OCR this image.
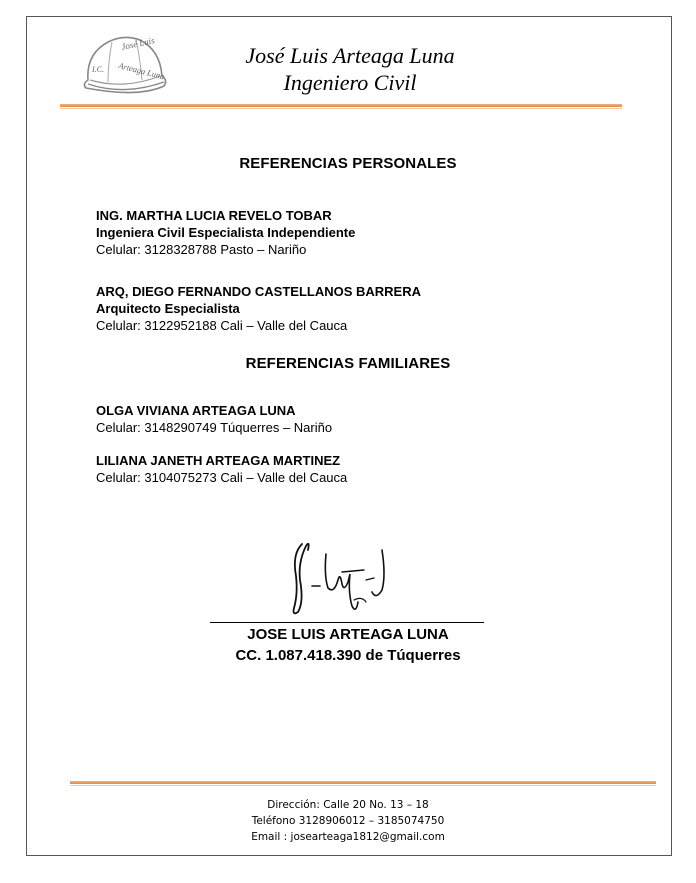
José Luis
I.C. Arteaga Luna
José Luis Arteaga Luna
Ingeniero Civil
REFERENCIAS PERSONALES
ING. MARTHA LUCIA REVELO TOBAR
Ingeniera Civil Especialista Independiente
Celular: 3128328788 Pasto – Nariño
ARQ, DIEGO FERNANDO CASTELLANOS BARRERA
Arquitecto Especialista
Celular: 3122952188 Cali – Valle del Cauca
REFERENCIAS FAMILIARES
OLGA VIVIANA ARTEAGA LUNA
Celular: 3148290749 Túquerres – Nariño
LILIANA JANETH ARTEAGA MARTINEZ
Celular: 3104075273 Cali – Valle del Cauca
JOSE LUIS ARTEAGA LUNA
CC. 1.087.418.390 de Túquerres
Dirección: Calle 20 No. 13 – 18
Teléfono 3128906012 – 3185074750
Email : josearteaga1812@gmail.com
